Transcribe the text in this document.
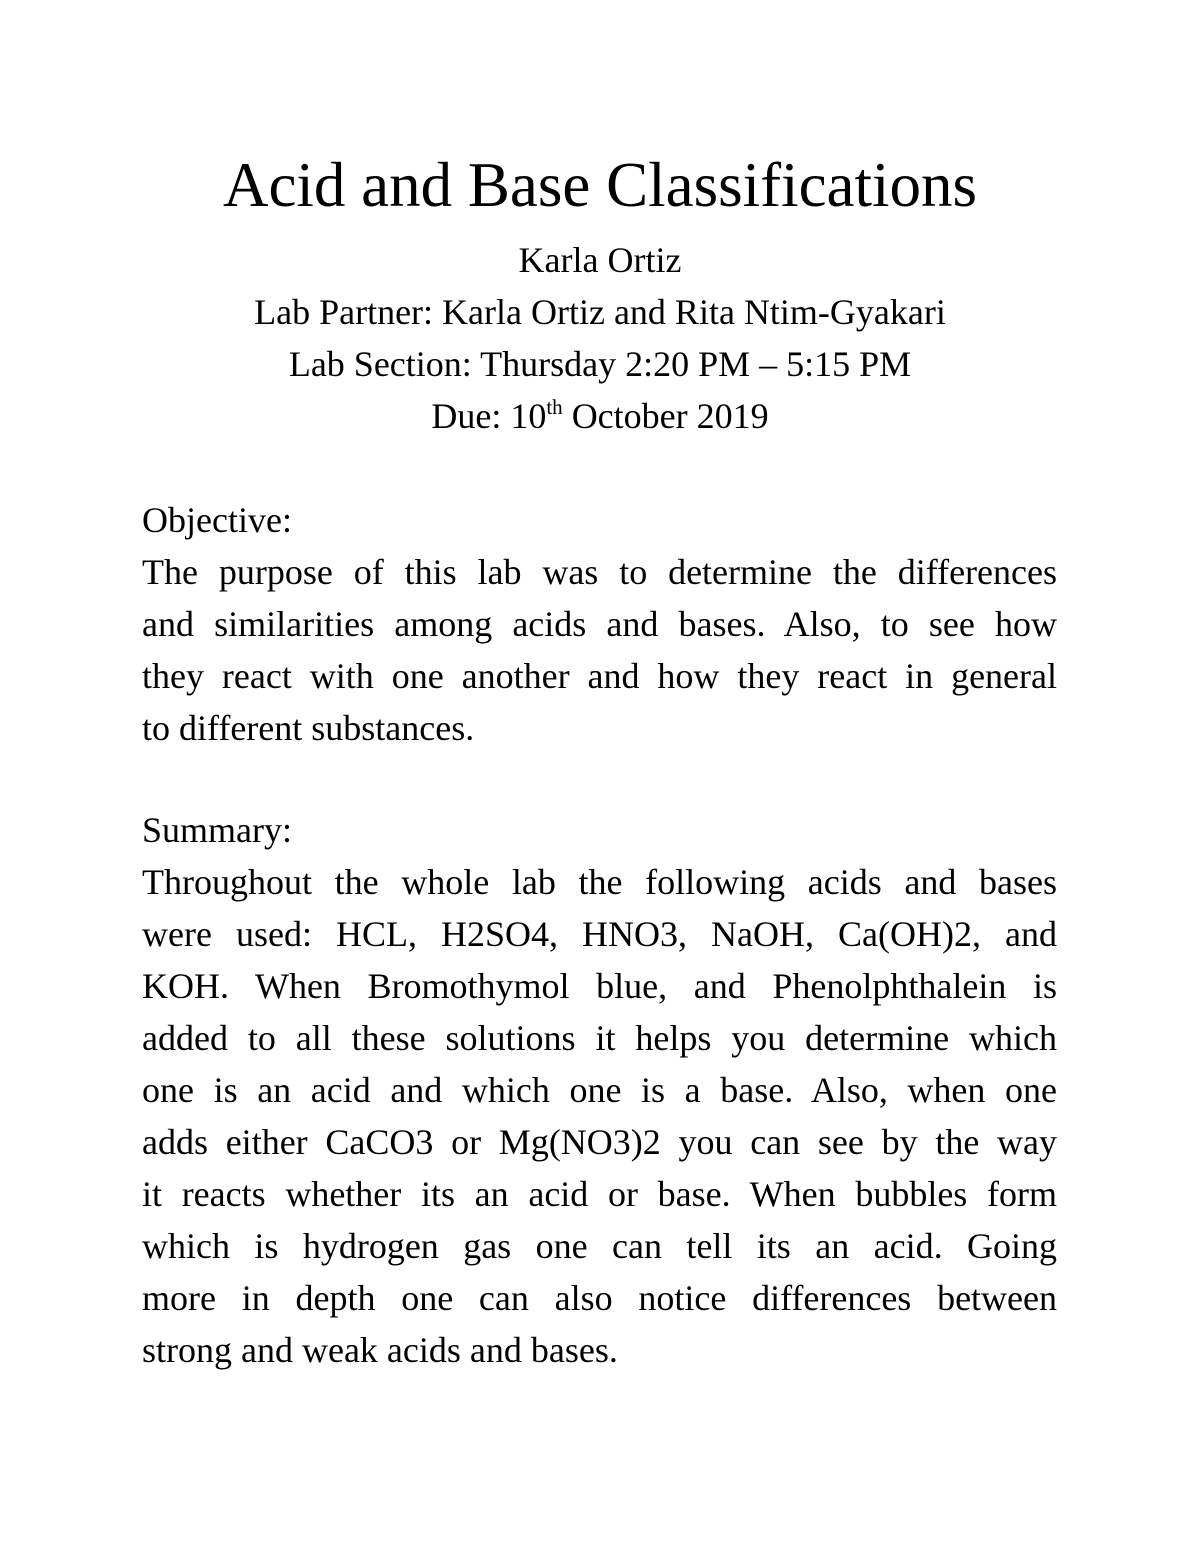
Acid and Base Classifications

Karla Ortiz

Lab Partner: Karla Ortiz and Rita Ntim-Gyakari

Lab Section: Thursday 2:20 PM – 5:15 PM

Due: 10th October 2019

Objective:

The purpose of this lab was to determine the differences
and similarities among acids and bases. Also, to see how
they react with one another and how they react in general
to different substances.

Summary:

Throughout the whole lab the following acids and bases
were used: HCL, H2SO4, HNO3, NaOH, Ca(OH)2, and
KOH. When Bromothymol blue, and Phenolphthalein is
added to all these solutions it helps you determine which
one is an acid and which one is a base. Also, when one
adds either CaCO3 or Mg(NO3)2 you can see by the way
it reacts whether its an acid or base. When bubbles form
which is hydrogen gas one can tell its an acid. Going
more in depth one can also notice differences between
strong and weak acids and bases.
